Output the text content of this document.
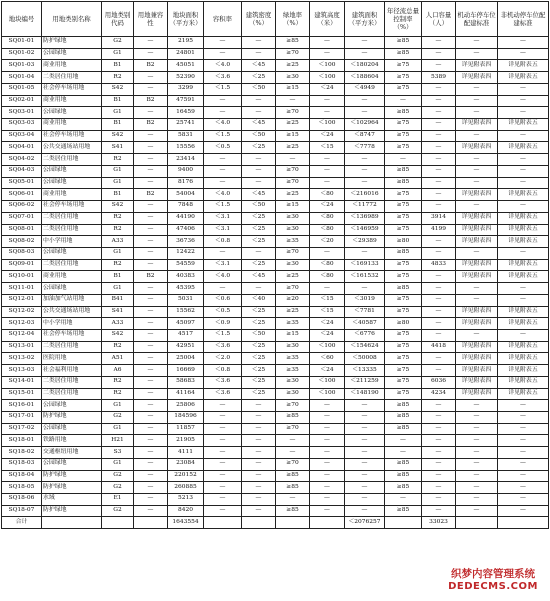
地块编号	用地类别名称	用地类别代码	用地兼容性	地块面积（平方米）	容积率	建筑密度（%）	绿地率（%）	建筑高度（米）	建筑面积（平方米）	年径流总量控制率（%）	人口容量（人）	机动车停车位配建标准	非机动停车位配建标准
SQ01-01	防护绿地	G2	—	2195	—	—	≥85	—	—	≥85	—	—	—
SQ01-02	公园绿地	G1	—	24801	—	—	≥70	—	—	≥85	—	—	—
SQ01-03	商业用地	B1	B2	45051	＜4.0	＜45	≥25	＜100	＜180204	≥75	—	详见附表四	详见附表五
SQ01-04	二类居住用地	R2	—	52390	＜3.6	＜25	≥30	＜100	＜188604	≥75	5389	详见附表四	详见附表五
SQ01-05	社会停车场用地	S42	—	3299	＜1.5	＜50	≥15	＜24	＜4949	≥75	—	—	—
SQ02-01	商业用地	B1	B2	47591	—	—	—	—	—	—	—	—	—
SQ03-01	公园绿地	G1	—	16459	—	—	≥70	—	—	≥85	—	—	—
SQ03-03	商业用地	B1	B2	25741	＜4.0	＜45	≥25	＜100	＜102964	≥75	—	详见附表四	详见附表五
SQ03-04	社会停车场用地	S42	—	5831	＜1.5	＜50	≥15	＜24	＜8747	≥75	—	—	—
SQ04-01	公共交通场站用地	S41	—	15556	＜0.5	＜25	≥25	＜15	＜7778	≥75	—	详见附表四	详见附表五
SQ04-02	二类居住用地	R2	—	23414	—	—	—	—	—	—	—	—	—
SQ04-03	公园绿地	G1	—	9400	—	—	≥70	—	—	≥85	—	—	—
SQ05-01	公园绿地	G1	—	8176	—	—	≥70	—	—	≥85	—	—	—
SQ06-01	商业用地	B1	B2	54004	＜4.0	＜45	≥25	＜80	＜216016	≥75	—	详见附表四	详见附表五
SQ06-02	社会停车场用地	S42	—	7848	＜1.5	＜50	≥15	＜24	＜11772	≥75	—	—	—
SQ07-01	二类居住用地	R2	—	44190	＜3.1	＜25	≥30	＜80	＜136989	≥75	3914	详见附表四	详见附表五
SQ08-01	二类居住用地	R2	—	47406	＜3.1	＜25	≥30	＜80	＜146959	≥75	4199	详见附表四	详见附表五
SQ08-02	中小学用地	A33	—	36736	＜0.8	＜25	≥35	＜20	＜29389	≥80	—	详见附表四	详见附表五
SQ08-03	公园绿地	G1	—	12422	—	—	≥70	—	—	≥85	—	—	—
SQ09-01	二类居住用地	R2	—	54559	＜3.1	＜25	≥30	＜80	＜169133	≥75	4833	详见附表四	详见附表五
SQ10-01	商业用地	B1	B2	40383	＜4.0	＜45	≥25	＜80	＜161532	≥75	—	详见附表四	详见附表五
SQ11-01	公园绿地	G1	—	45395	—	—	≥70	—	—	≥85	—	—	—
SQ12-01	加油加气站用地	B41	—	5031	＜0.6	＜40	≥20	＜15	＜3019	≥75	—	—	—
SQ12-02	公共交通场站用地	S41	—	15562	＜0.5	＜25	≥25	＜15	＜7781	≥75	—	详见附表四	详见附表五
SQ12-03	中小学用地	A33	—	45097	＜0.9	＜25	≥35	＜24	＜40587	≥80	—	详见附表四	详见附表五
SQ12-04	社会停车场用地	S42	—	4517	＜1.5	＜50	≥15	＜24	＜6776	≥75	—	—	—
SQ13-01	二类居住用地	R2	—	42951	＜3.6	＜25	≥30	＜100	＜154624	≥75	4418	详见附表四	详见附表五
SQ13-02	医院用地	A51	—	25004	＜2.0	＜25	≥35	＜60	＜50008	≥75	—	详见附表四	详见附表五
SQ13-03	社会福利用地	A6	—	16669	＜0.8	＜25	≥35	＜24	＜13335	≥75	—	详见附表四	详见附表五
SQ14-01	二类居住用地	R2	—	58683	＜3.6	＜25	≥30	＜100	＜211259	≥75	6036	详见附表四	详见附表五
SQ15-01	二类居住用地	R2	—	41164	＜3.6	＜25	≥30	＜100	＜148190	≥75	4234	详见附表四	详见附表五
SQ16-01	公园绿地	G1	—	25806	—	—	≥70	—	—	≥85	—	—	—
SQ17-01	防护绿地	G2	—	184596	—	—	≥85	—	—	≥85	—	—	—
SQ17-02	公园绿地	G1	—	11857	—	—	≥70	—	—	≥85	—	—	—
SQ18-01	铁路用地	H21	—	21905	—	—	—	—	—	—	—	—	—
SQ18-02	交通枢纽用地	S3	—	4111	—	—	—	—	—	—	—	—	—
SQ18-03	公园绿地	G1	—	23084	—	—	≥70	—	—	≥85	—	—	—
SQ18-04	防护绿地	G2	—	220152	—	—	≥85	—	—	≥85	—	—	—
SQ18-05	防护绿地	G2	—	260885	—	—	≥85	—	—	≥85	—	—	—
SQ18-06	水域	E1	—	5213	—	—	—	—	—	—	—	—	—
SQ18-07	防护绿地	G2	—	8420	—	—	≥85	—	—	≥85	—	—	—
合计				1643554					＜2076257		33023		
织梦内容管理系统
DEDECMS.COM
